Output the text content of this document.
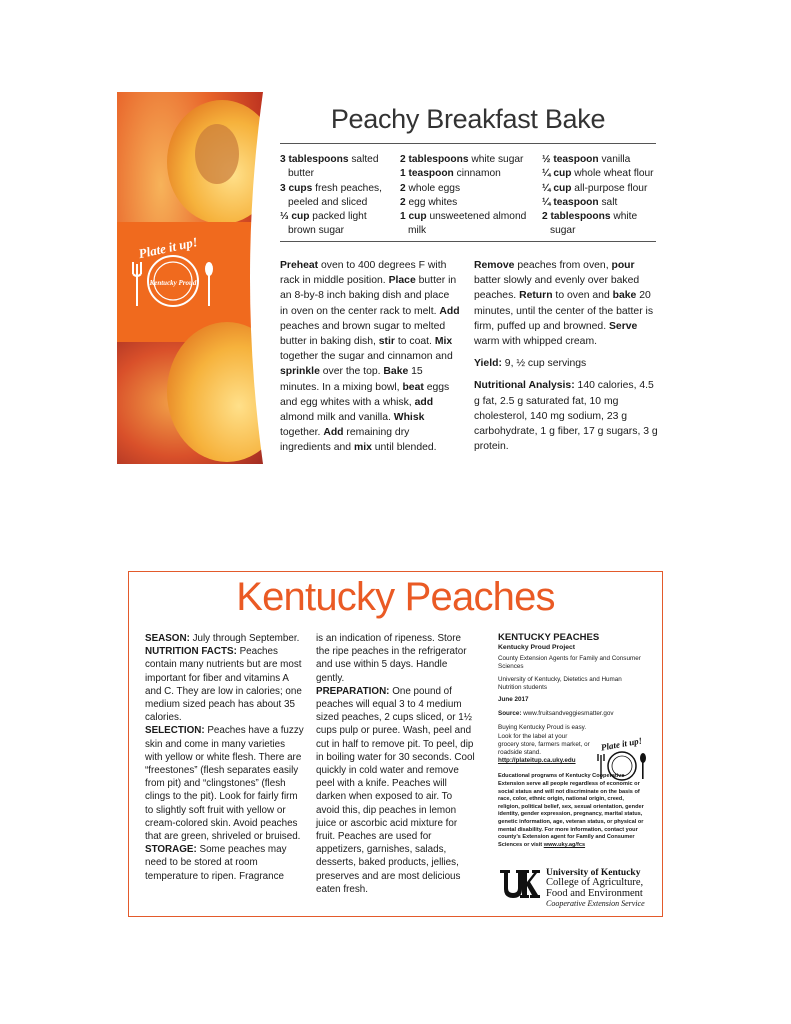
Plate it up!
Kentucky Proud
Peachy Breakfast Bake
3 tablespoons salted butter
3 cups fresh peaches, peeled and sliced
⅓ cup packed light brown sugar
2 tablespoons white sugar
1 teaspoon cinnamon
2 whole eggs
2 egg whites
1 cup unsweetened almond milk
½ teaspoon vanilla
¼ cup whole wheat flour
¼ cup all-purpose flour
¼ teaspoon salt
2 tablespoons white sugar

Preheat oven to 400 degrees F with rack in middle position. Place butter in an 8-by-8 inch baking dish and place in oven on the center rack to melt. Add peaches and brown sugar to melted butter in baking dish, stir to coat. Mix together the sugar and cinnamon and sprinkle over the top. Bake 15 minutes. In a mixing bowl, beat eggs and egg whites with a whisk, add almond milk and vanilla. Whisk together. Add remaining dry ingredients and mix until blended.

Remove peaches from oven, pour batter slowly and evenly over baked peaches. Return to oven and bake 20 minutes, until the center of the batter is firm, puffed up and browned. Serve warm with whipped cream.

Yield: 9, ½ cup servings

Nutritional Analysis: 140 calories, 4.5 g fat, 2.5 g saturated fat, 10 mg cholesterol, 140 mg sodium, 23 g carbohydrate, 1 g fiber, 17 g sugars, 3 g protein.

Kentucky Peaches

SEASON: July through September.

NUTRITION FACTS: Peaches contain many nutrients but are most important for fiber and vitamins A and C. They are low in calories; one medium sized peach has about 35 calories.

SELECTION: Peaches have a fuzzy skin and come in many varieties with yellow or white flesh. There are “freestones” (flesh separates easily from pit) and “clingstones” (flesh clings to the pit). Look for fairly firm to slightly soft fruit with yellow or cream-colored skin. Avoid peaches that are green, shriveled or bruised.

STORAGE: Some peaches may need to be stored at room temperature to ripen. Fragrance

is an indication of ripeness. Store the ripe peaches in the refrigerator and use within 5 days. Handle gently.

PREPARATION: One pound of peaches will equal 3 to 4 medium sized peaches, 2 cups sliced, or 1½ cups pulp or puree. Wash, peel and cut in half to remove pit. To peel, dip in boiling water for 30 seconds. Cool quickly in cold water and remove peel with a knife. Peaches will darken when exposed to air. To avoid this, dip peaches in lemon juice or ascorbic acid mixture for fruit. Peaches are used for appetizers, garnishes, salads, desserts, baked products, jellies, preserves and are most delicious eaten fresh.

KENTUCKY PEACHES
Kentucky Proud Project

County Extension Agents for Family and Consumer Sciences

University of Kentucky, Dietetics and Human Nutrition students

June 2017

Source: www.fruitsandveggiesmatter.gov

Buying Kentucky Proud is easy. Look for the label at your grocery store, farmers market, or roadside stand. http://plateitup.ca.uky.edu

Educational programs of Kentucky Cooperative Extension serve all people regardless of economic or social status and will not discriminate on the basis of race, color, ethnic origin, national origin, creed, religion, political belief, sex, sexual orientation, gender identity, gender expression, pregnancy, marital status, genetic information, age, veteran status, or physical or mental disability. For more information, contact your county’s Extension agent for Family and Consumer Sciences or visit www.uky.ag/fcs

Plate it up!
University of Kentucky
College of Agriculture,
Food and Environment
Cooperative Extension Service
